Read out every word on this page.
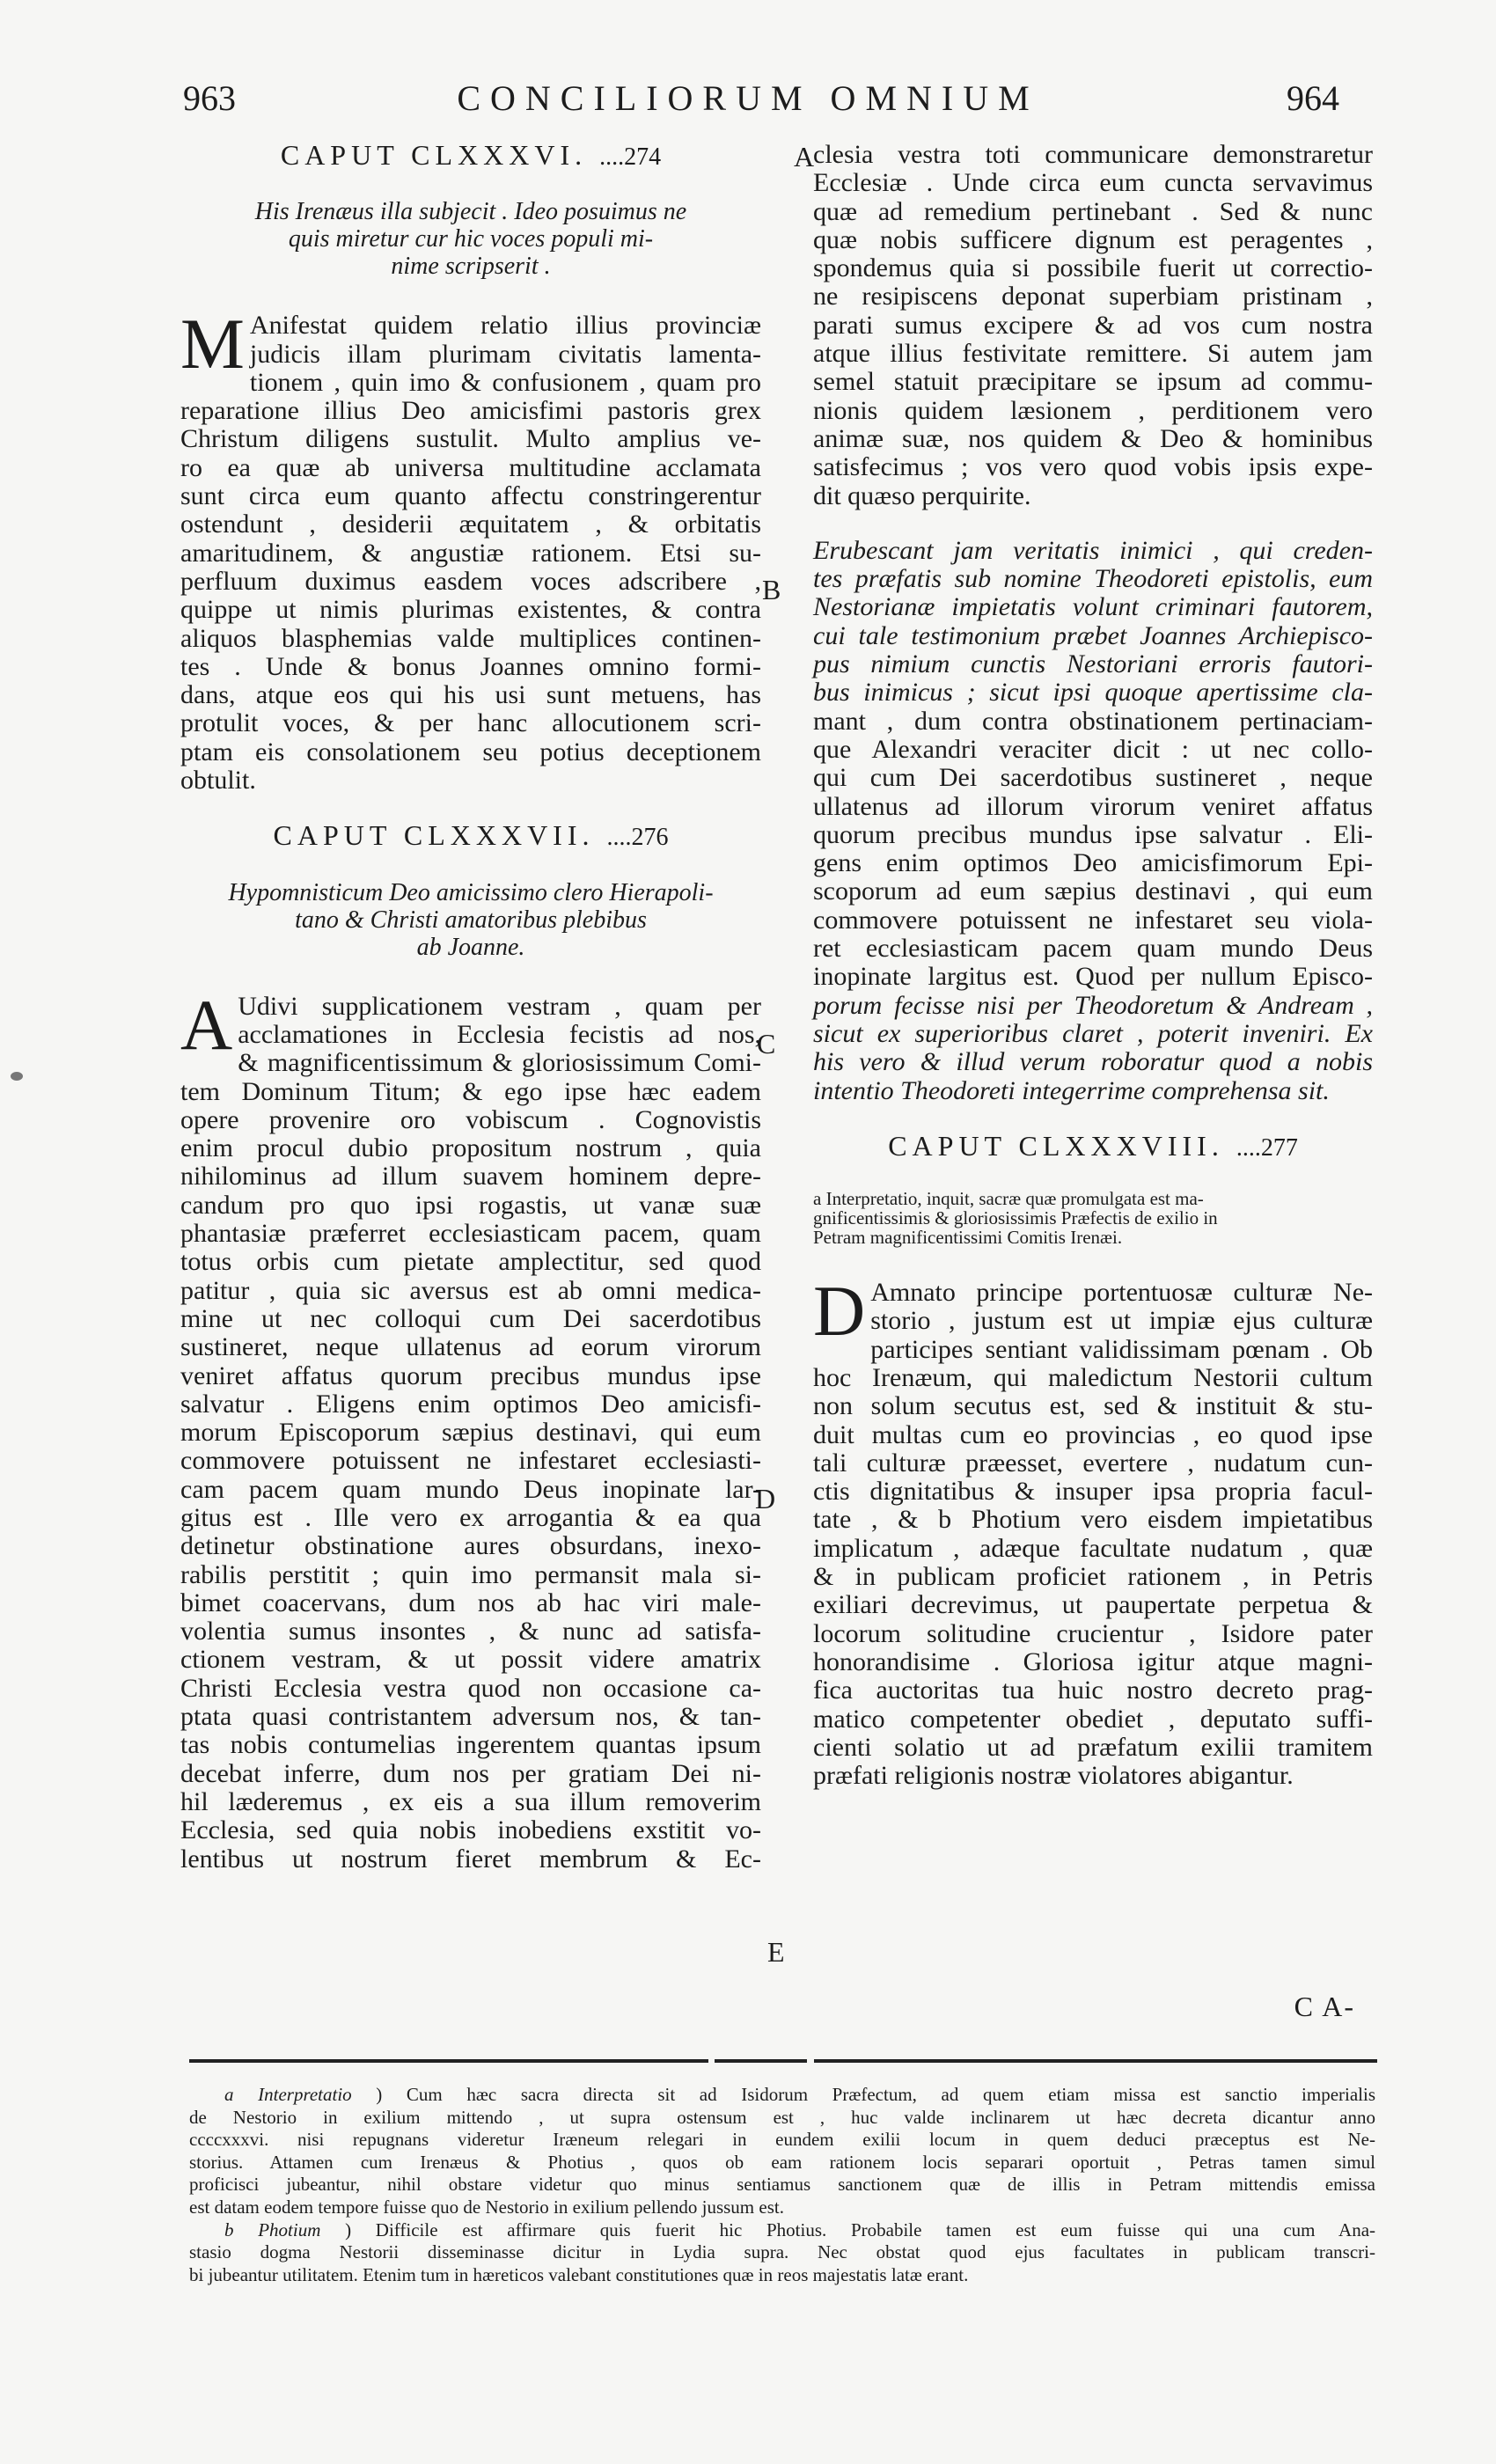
963	CONCILIORUM OMNIUM	964
A
B
C
D
E
CAPUT CLXXXVI. ....274
His Irenæus illa subjecit . Ideo posuimus ne
quis miretur cur hic voces populi mi-
nime scripserit .
M Anifestat quidem relatio illius provinciæ
judicis illam plurimam civitatis lamenta-
tionem , quin imo & confusionem , quam pro
reparatione illius Deo amicisfimi pastoris grex
Christum diligens sustulit. Multo amplius ve-
ro ea quæ ab universa multitudine acclamata
sunt circa eum quanto affectu constringerentur
ostendunt , desiderii æquitatem , & orbitatis
amaritudinem, & angustiæ rationem. Etsi su-
perfluum duximus easdem voces adscribere ,
quippe ut nimis plurimas existentes, & contra
aliquos blasphemias valde multiplices continen-
tes . Unde & bonus Joannes omnino formi-
dans, atque eos qui his usi sunt metuens, has
protulit voces, & per hanc allocutionem scri-
ptam eis consolationem seu potius deceptionem
obtulit.
CAPUT CLXXXVII. ....276
Hypomnisticum Deo amicissimo clero Hierapoli-
tano & Christi amatoribus plebibus
ab Joanne.
A Udivi supplicationem vestram , quam per
acclamationes in Ecclesia fecistis ad nos,
& magnificentissimum & gloriosissimum Comi-
tem Dominum Titum; & ego ipse hæc eadem
opere provenire oro vobiscum . Cognovistis
enim procul dubio propositum nostrum , quia
nihilominus ad illum suavem hominem depre-
candum pro quo ipsi rogastis, ut vanæ suæ
phantasiæ præferret ecclesiasticam pacem, quam
totus orbis cum pietate amplectitur, sed quod
patitur , quia sic aversus est ab omni medica-
mine ut nec colloqui cum Dei sacerdotibus
sustineret, neque ullatenus ad eorum virorum
veniret affatus quorum precibus mundus ipse
salvatur . Eligens enim optimos Deo amicisfi-
morum Episcoporum sæpius destinavi, qui eum
commovere potuissent ne infestaret ecclesiasti-
cam pacem quam mundo Deus inopinate lar-
gitus est . Ille vero ex arrogantia & ea qua
detinetur obstinatione aures obsurdans, inexo-
rabilis perstitit ; quin imo permansit mala si-
bimet coacervans, dum nos ab hac viri male-
volentia sumus insontes , & nunc ad satisfa-
ctionem vestram, & ut possit videre amatrix
Christi Ecclesia vestra quod non occasione ca-
ptata quasi contristantem adversum nos, & tan-
tas nobis contumelias ingerentem quantas ipsum
decebat inferre, dum nos per gratiam Dei ni-
hil læderemus , ex eis a sua illum removerim
Ecclesia, sed quia nobis inobediens exstitit vo-
lentibus ut nostrum fieret membrum & Ec-
clesia vestra toti communicare demonstraretur
Ecclesiæ . Unde circa eum cuncta servavimus
quæ ad remedium pertinebant . Sed & nunc
quæ nobis sufficere dignum est peragentes ,
spondemus quia si possibile fuerit ut correctio-
ne resipiscens deponat superbiam pristinam ,
parati sumus excipere & ad vos cum nostra
atque illius festivitate remittere. Si autem jam
semel statuit præcipitare se ipsum ad commu-
nionis quidem læsionem , perditionem vero
animæ suæ, nos quidem & Deo & hominibus
satisfecimus ; vos vero quod vobis ipsis expe-
dit quæso perquirite.
Erubescant jam veritatis inimici , qui creden-
tes præfatis sub nomine Theodoreti epistolis, eum
Nestorianæ impietatis volunt criminari fautorem,
cui tale testimonium præbet Joannes Archiepisco-
pus nimium cunctis Nestoriani erroris fautori-
bus inimicus ; sicut ipsi quoque apertissime cla-
mant , dum contra obstinationem pertinaciam-
que Alexandri veraciter dicit : ut nec collo-
qui cum Dei sacerdotibus sustineret , neque
ullatenus ad illorum virorum veniret affatus
quorum precibus mundus ipse salvatur . Eli-
gens enim optimos Deo amicisfimorum Epi-
scoporum ad eum sæpius destinavi , qui eum
commovere potuissent ne infestaret seu viola-
ret ecclesiasticam pacem quam mundo Deus
inopinate largitus est. Quod per nullum Episco-
porum fecisse nisi per Theodoretum & Andream ,
sicut ex superioribus claret , poterit inveniri. Ex
his vero & illud verum roboratur quod a nobis
intentio Theodoreti integerrime comprehensa sit.
CAPUT CLXXXVIII. ....277
a Interpretatio, inquit, sacræ quæ promulgata est ma-
gnificentissimis & gloriosissimis Præfectis de exilio in
Petram magnificentissimi Comitis Irenæi.
D Amnato principe portentuosæ culturæ Ne-
storio , justum est ut impiæ ejus culturæ
participes sentiant validissimam pœnam . Ob
hoc Irenæum, qui maledictum Nestorii cultum
non solum secutus est, sed & instituit & stu-
duit multas cum eo provincias , eo quod ipse
tali culturæ præesset, evertere , nudatum cun-
ctis dignitatibus & insuper ipsa propria facul-
tate , & b Photium vero eisdem impietatibus
implicatum , adæque facultate nudatum , quæ
& in publicam proficiet rationem , in Petris
exiliari decrevimus, ut paupertate perpetua &
locorum solitudine crucientur , Isidore pater
honorandisime . Gloriosa igitur atque magni-
fica auctoritas tua huic nostro decreto prag-
matico competenter obediet , deputato suffi-
cienti solatio ut ad præfatum exilii tramitem
præfati religionis nostræ violatores abigantur.
C A-
a Interpretatio ) Cum hæc sacra directa sit ad Isidorum Præfectum, ad quem etiam missa est sanctio imperialis
de Nestorio in exilium mittendo , ut supra ostensum est , huc valde inclinarem ut hæc decreta dicantur anno
ccccxxxvi. nisi repugnans videretur Iræneum relegari in eundem exilii locum in quem deduci præceptus est Ne-
storius. Attamen cum Irenæus & Photius , quos ob eam rationem locis separari oportuit , Petras tamen simul
proficisci jubeantur, nihil obstare videtur quo minus sentiamus sanctionem quæ de illis in Petram mittendis emissa
est datam eodem tempore fuisse quo de Nestorio in exilium pellendo jussum est.
b Photium ) Difficile est affirmare quis fuerit hic Photius. Probabile tamen est eum fuisse qui una cum Ana-
stasio dogma Nestorii disseminasse dicitur in Lydia supra. Nec obstat quod ejus facultates in publicam transcri-
bi jubeantur utilitatem. Etenim tum in hæreticos valebant constitutiones quæ in reos majestatis latæ erant.
